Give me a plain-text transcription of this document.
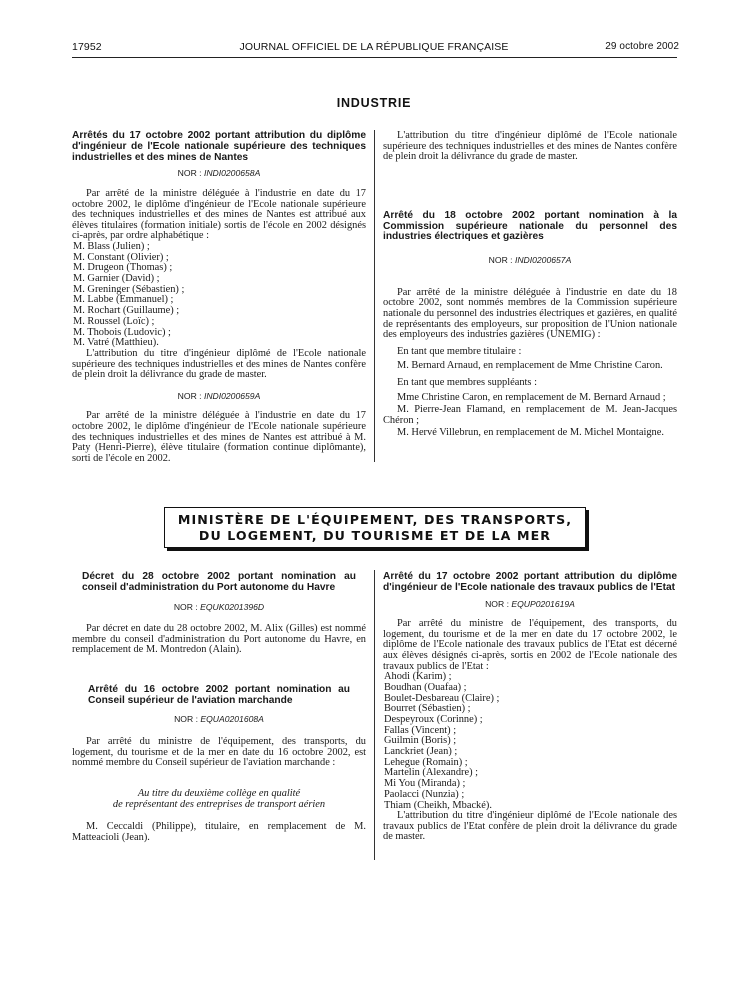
17952	JOURNAL OFFICIEL DE LA RÉPUBLIQUE FRANÇAISE	29 octobre 2002
INDUSTRIE

Arrêtés du 17 octobre 2002 portant attribution du diplôme d'ingénieur de l'Ecole nationale supérieure des techniques industrielles et des mines de Nantes

NOR : INDI0200658A

Par arrêté de la ministre déléguée à l'industrie en date du 17 octobre 2002, le diplôme d'ingénieur de l'Ecole nationale supérieure des techniques industrielles et des mines de Nantes est attribué aux élèves titulaires (formation initiale) sortis de l'école en 2002 désignés ci-après, par ordre alphabétique :

M. Blass (Julien) ;
M. Constant (Olivier) ;
M. Drugeon (Thomas) ;
M. Garnier (David) ;
M. Greninger (Sébastien) ;
M. Labbe (Emmanuel) ;
M. Rochart (Guillaume) ;
M. Roussel (Loïc) ;
M. Thobois (Ludovic) ;
M. Vatré (Matthieu).

L'attribution du titre d'ingénieur diplômé de l'Ecole nationale supérieure des techniques industrielles et des mines de Nantes confère de plein droit la délivrance du grade de master.

NOR : INDI0200659A

Par arrêté de la ministre déléguée à l'industrie en date du 17 octobre 2002, le diplôme d'ingénieur de l'Ecole nationale supérieure des techniques industrielles et des mines de Nantes est attribué à M. Paty (Henri-Pierre), élève titulaire (formation continue diplômante), sorti de l'école en 2002.

L'attribution du titre d'ingénieur diplômé de l'Ecole nationale supérieure des techniques industrielles et des mines de Nantes confère de plein droit la délivrance du grade de master.

Arrêté du 18 octobre 2002 portant nomination à la Commission supérieure nationale du personnel des industries électriques et gazières

NOR : INDI0200657A

Par arrêté de la ministre déléguée à l'industrie en date du 18 octobre 2002, sont nommés membres de la Commission supérieure nationale du personnel des industries électriques et gazières, en qualité de représentants des employeurs, sur proposition de l'Union nationale des employeurs des industries gazières (UNEMIG) :

En tant que membre titulaire :

M. Bernard Arnaud, en remplacement de Mme Christine Caron.

En tant que membres suppléants :

Mme Christine Caron, en remplacement de M. Bernard Arnaud ;

M. Pierre-Jean Flamand, en remplacement de M. Jean-Jacques Chéron ;

M. Hervé Villebrun, en remplacement de M. Michel Montaigne.

MINISTÈRE DE L'ÉQUIPEMENT, DES TRANSPORTS,
DU LOGEMENT, DU TOURISME ET DE LA MER

Décret du 28 octobre 2002 portant nomination au conseil d'administration du Port autonome du Havre

NOR : EQUK0201396D

Par décret en date du 28 octobre 2002, M. Alix (Gilles) est nommé membre du conseil d'administration du Port autonome du Havre, en remplacement de M. Montredon (Alain).

Arrêté du 16 octobre 2002 portant nomination au Conseil supérieur de l'aviation marchande

NOR : EQUA0201608A

Par arrêté du ministre de l'équipement, des transports, du logement, du tourisme et de la mer en date du 16 octobre 2002, est nommé membre du Conseil supérieur de l'aviation marchande :

Au titre du deuxième collège en qualité

de représentant des entreprises de transport aérien

M. Ceccaldi (Philippe), titulaire, en remplacement de M. Matteacioli (Jean).

Arrêté du 17 octobre 2002 portant attribution du diplôme d'ingénieur de l'Ecole nationale des travaux publics de l'Etat

NOR : EQUP0201619A

Par arrêté du ministre de l'équipement, des transports, du logement, du tourisme et de la mer en date du 17 octobre 2002, le diplôme de l'Ecole nationale des travaux publics de l'Etat est décerné aux élèves désignés ci-après, sortis en 2002 de l'Ecole nationale des travaux publics de l'Etat :

Ahodi (Karim) ;
Boudhan (Ouafaa) ;
Boulet-Desbareau (Claire) ;
Bourret (Sébastien) ;
Despeyroux (Corinne) ;
Fallas (Vincent) ;
Guilmin (Boris) ;
Lanckriet (Jean) ;
Lehegue (Romain) ;
Martelin (Alexandre) ;
Mi You (Miranda) ;
Paolacci (Nunzia) ;
Thiam (Cheikh, Mbacké).

L'attribution du titre d'ingénieur diplômé de l'Ecole nationale des travaux publics de l'Etat confère de plein droit la délivrance du grade de master.
